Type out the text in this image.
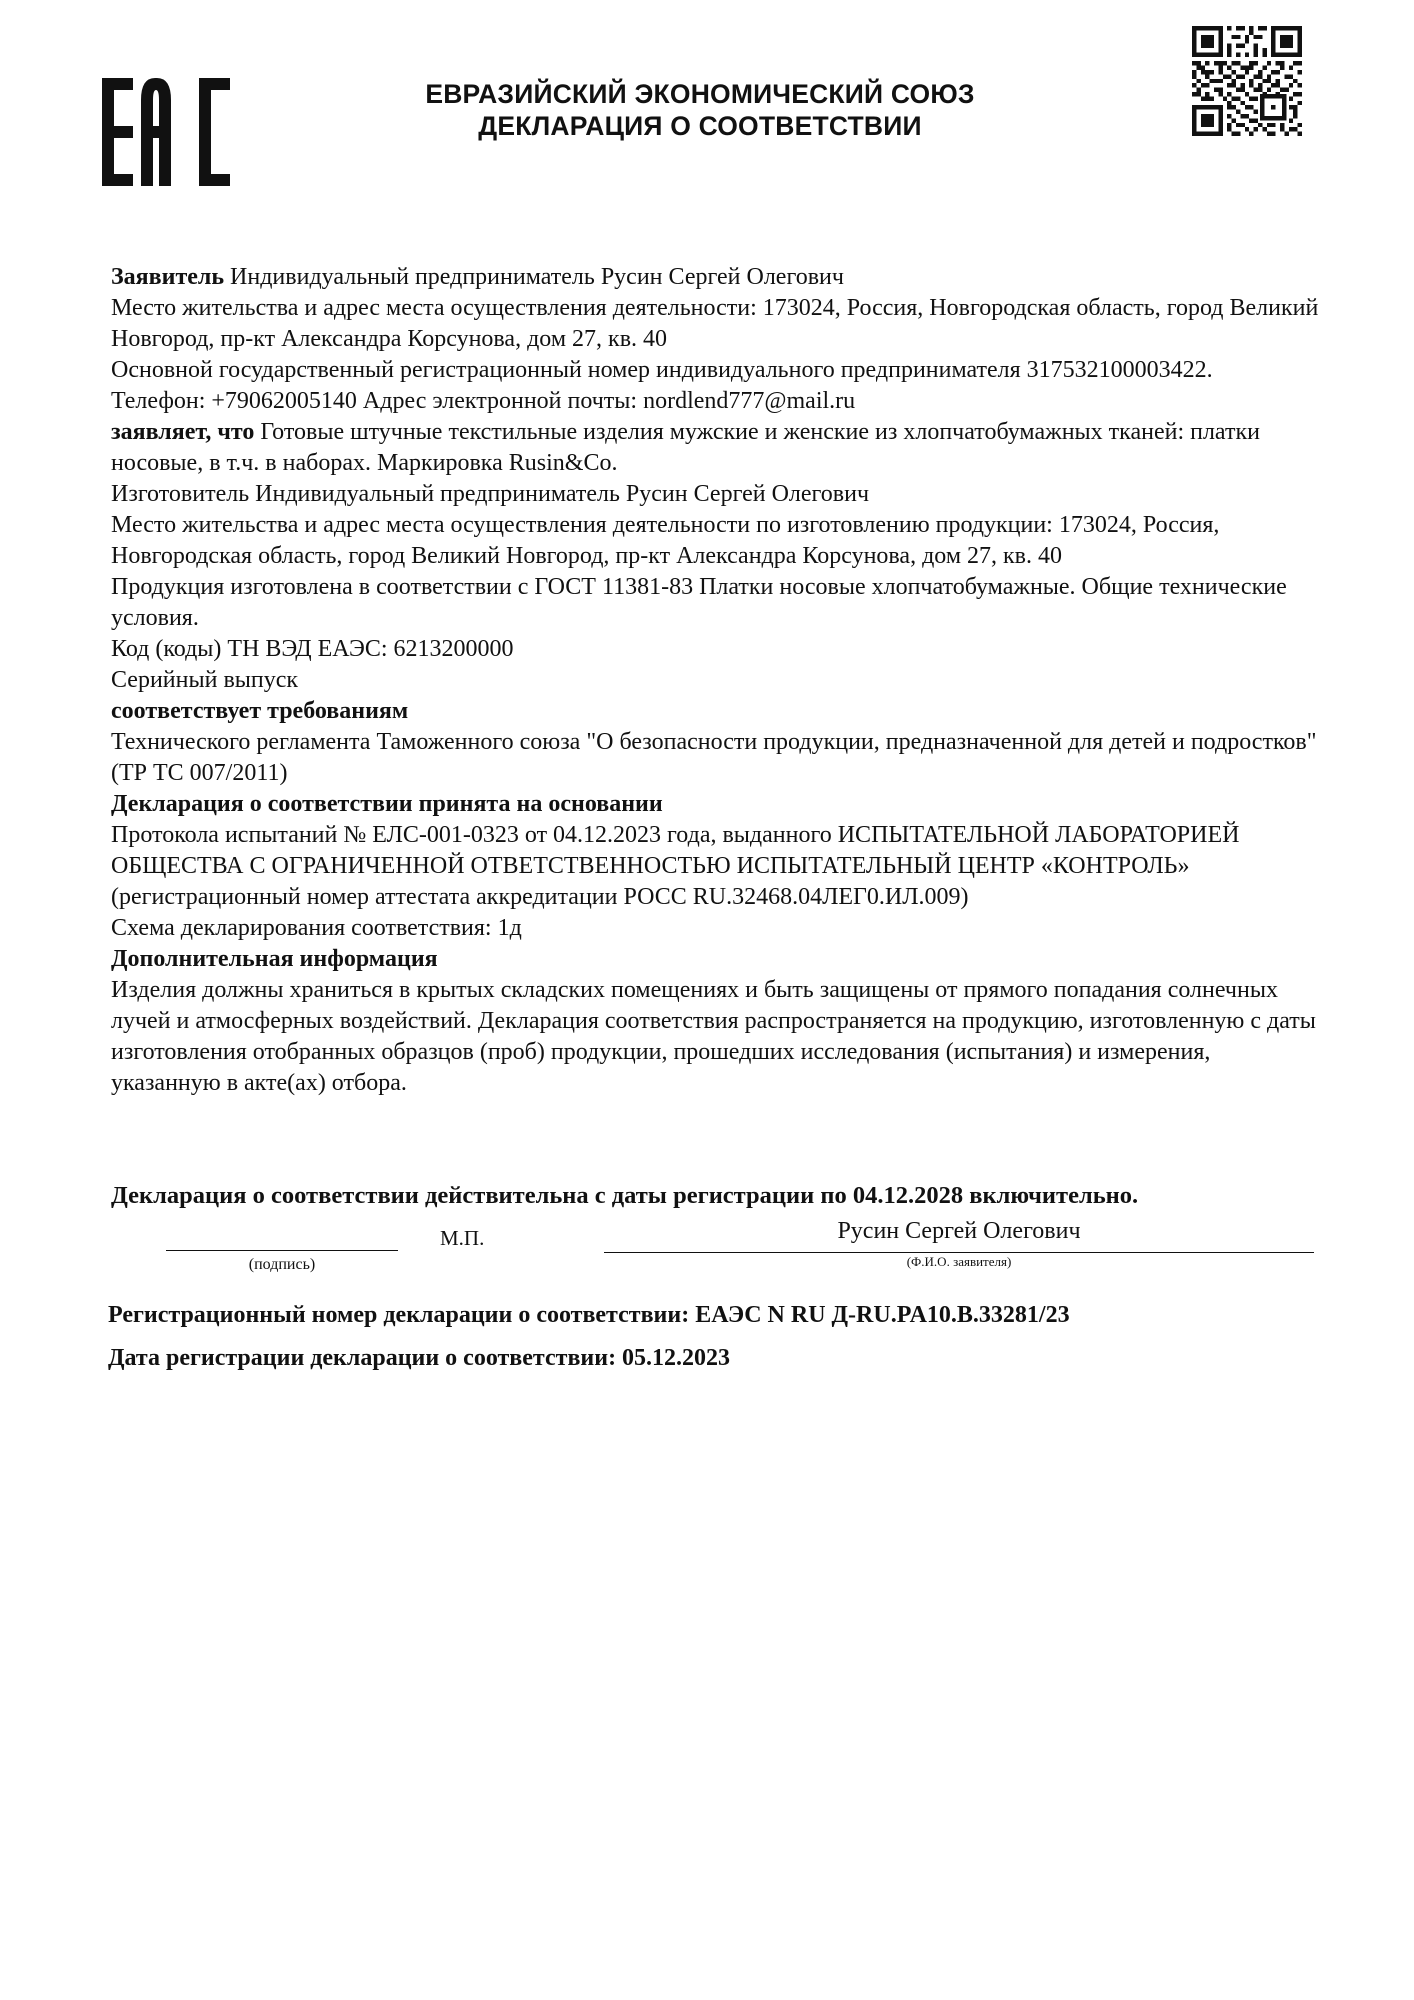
ЕВРАЗИЙСКИЙ ЭКОНОМИЧЕСКИЙ СОЮЗ
ДЕКЛАРАЦИЯ О СООТВЕТСТВИИ

Заявитель Индивидуальный предприниматель Русин Сергей Олегович

Место жительства и адрес места осуществления деятельности: 173024, Россия, Новгородская область, город Великий Новгород, пр-кт Александра Корсунова, дом 27, кв. 40

Основной государственный регистрационный номер индивидуального предпринимателя 317532100003422.

Телефон: +79062005140 Адрес электронной почты: nordlend777@mail.ru

заявляет, что Готовые штучные текстильные изделия мужские и женские из хлопчатобумажных тканей: платки носовые, в т.ч. в наборах. Маркировка Rusin&Co.

Изготовитель Индивидуальный предприниматель Русин Сергей Олегович

Место жительства и адрес места осуществления деятельности по изготовлению продукции: 173024, Россия, Новгородская область, город Великий Новгород, пр-кт Александра Корсунова, дом 27, кв. 40

Продукция изготовлена в соответствии с ГОСТ 11381-83 Платки носовые хлопчатобумажные. Общие технические условия.

Код (коды) ТН ВЭД ЕАЭС: 6213200000

Серийный выпуск

соответствует требованиям

Технического регламента Таможенного союза "О безопасности продукции, предназначенной для детей и подростков" (ТР ТС 007/2011)

Декларация о соответствии принята на основании

Протокола испытаний № ЕЛС-001-0323 от 04.12.2023 года, выданного ИСПЫТАТЕЛЬНОЙ ЛАБОРАТОРИЕЙ ОБЩЕСТВА С ОГРАНИЧЕННОЙ ОТВЕТСТВЕННОСТЬЮ ИСПЫТАТЕЛЬНЫЙ ЦЕНТР «КОНТРОЛЬ» (регистрационный номер аттестата аккредитации РОСС RU.32468.04ЛЕГ0.ИЛ.009)

Схема декларирования соответствия: 1д

Дополнительная информация

Изделия должны храниться в крытых складских помещениях и быть защищены от прямого попадания солнечных лучей и атмосферных воздействий. Декларация соответствия распространяется на продукцию, изготовленную с даты изготовления отобранных образцов (проб) продукции, прошедших исследования (испытания) и измерения, указанную в акте(ах) отбора.

Декларация о соответствии действительна с даты регистрации по 04.12.2028 включительно.
(подпись)
М.П.	Русин Сергей Олегович
(Ф.И.О. заявителя)
Регистрационный номер декларации о соответствии: ЕАЭС N RU Д-RU.PA10.B.33281/23
Дата регистрации декларации о соответствии: 05.12.2023
